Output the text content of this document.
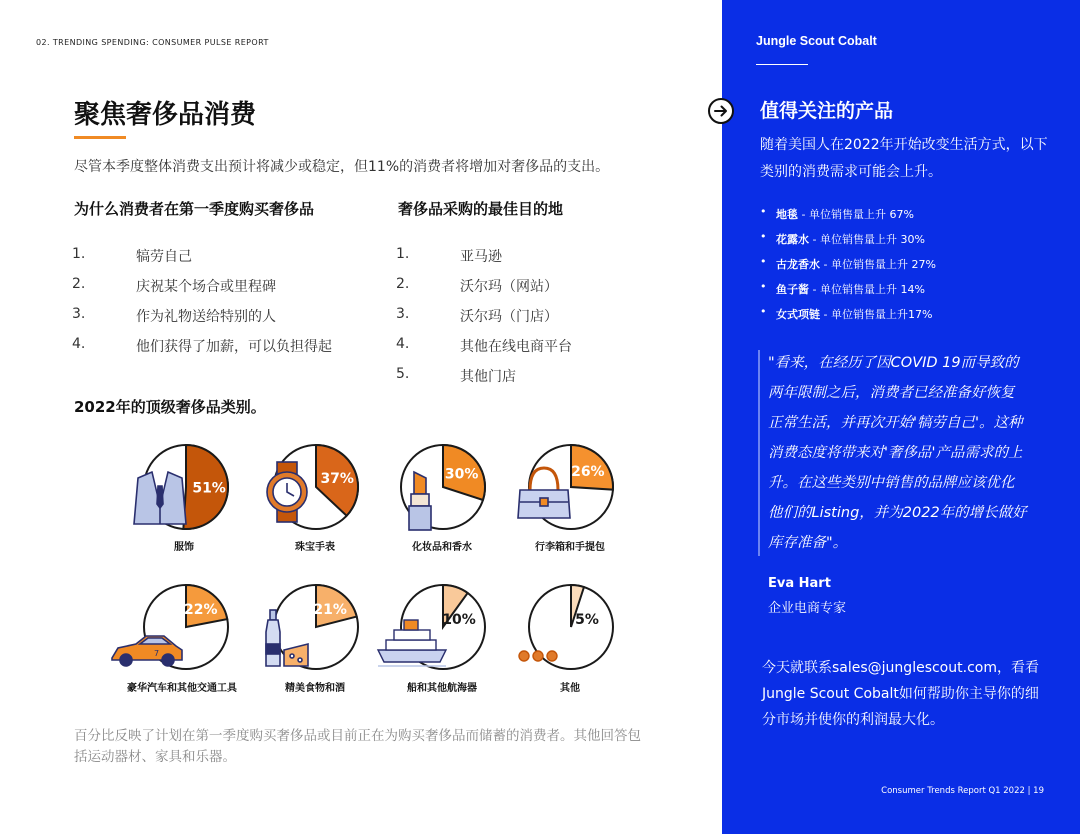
02. TRENDING SPENDING: CONSUMER PULSE REPORT
聚焦奢侈品消费
尽管本季度整体消费支出预计将减少或稳定，但11%的消费者将增加对奢侈品的支出。
为什么消费者在第一季度购买奢侈品
1.	犒劳自己
2.	庆祝某个场合或里程碑
3.	作为礼物送给特别的人
4.	他们获得了加薪，可以负担得起
奢侈品采购的最佳目的地
1.	亚马逊
2.	沃尔玛（网站）
3.	沃尔玛（门店）
4.	其他在线电商平台
5.	其他门店
2022年的顶级奢侈品类别。
51%
服饰
37%
珠宝手表
30%
化妆品和香水
26%
行李箱和手提包
22%
7
豪华汽车和其他交通工具
21%
精美食物和酒
10%
船和其他航海器
5%
其他
百分比反映了计划在第一季度购买奢侈品或目前正在为购买奢侈品而储蓄的消费者。其他回答包括运动器材、家具和乐器。
Jungle Scout Cobalt
值得关注的产品
随着美国人在2022年开始改变生活方式，以下类别的消费需求可能会上升。
• 地毯 - 单位销售量上升 67%
• 花露水 - 单位销售量上升 30%
• 古龙香水 - 单位销售量上升 27%
• 鱼子酱 - 单位销售量上升 14%
• 女式项链 - 单位销售量上升17%
"看来，在经历了因COVID 19而导致的两年限制之后，消费者已经准备好恢复正常生活，并再次开始'犒劳自己'。这种消费态度将带来对'奢侈品'产品需求的上升。在这些类别中销售的品牌应该优化他们的Listing，并为2022年的增长做好库存准备"。
Eva Hart
企业电商专家
今天就联系sales@junglescout.com，看看Jungle Scout Cobalt如何帮助你主导你的细分市场并使你的利润最大化。
Consumer Trends Report Q1 2022 | 19
